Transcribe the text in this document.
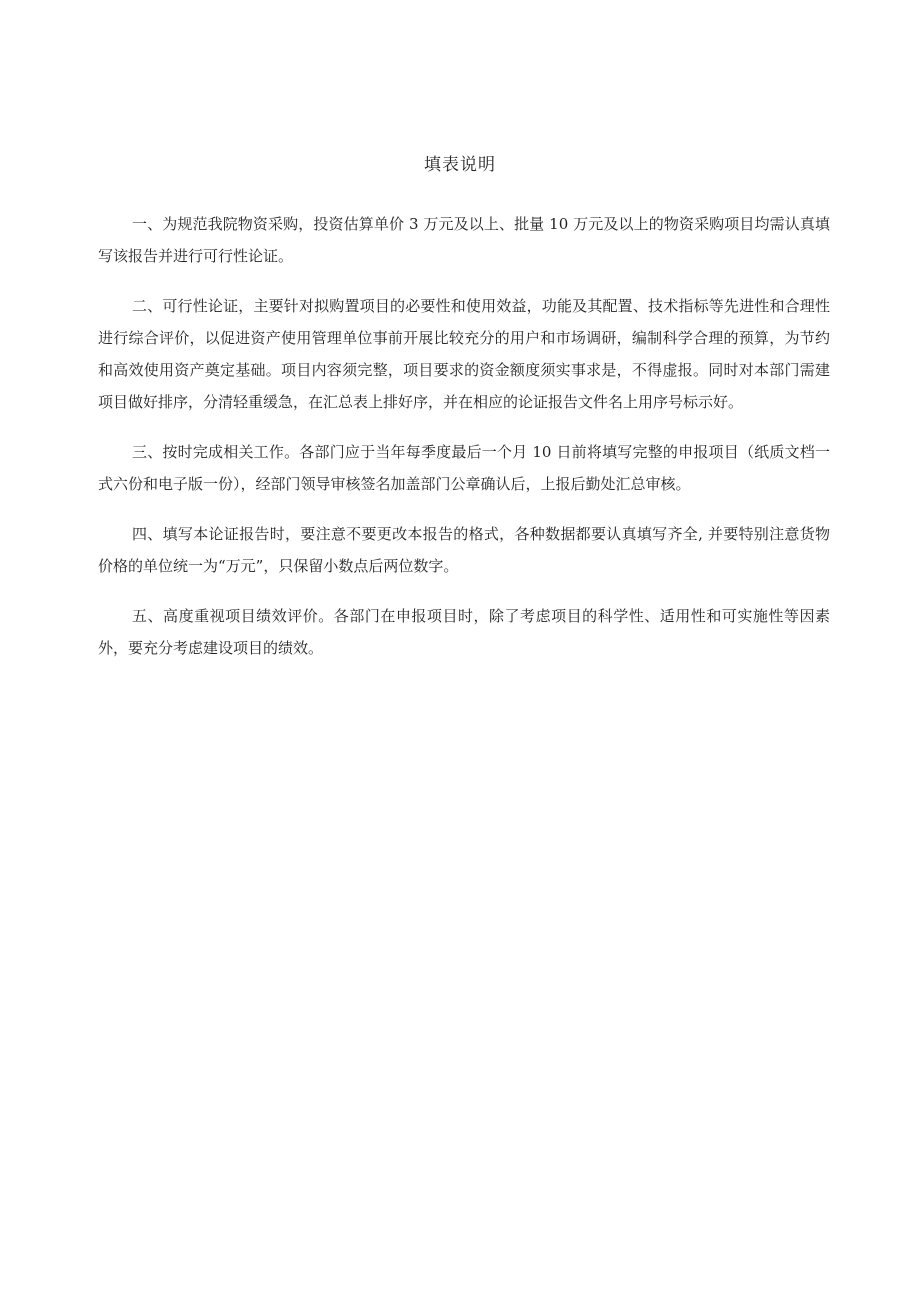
填表说明

一、为规范我院物资采购，投资估算单价 3 万元及以上、批量 10 万元及以上的物资采购项目均需认真填写该报告并进行可行性论证。

二、可行性论证，主要针对拟购置项目的必要性和使用效益，功能及其配置、技术指标等先进性和合理性进行综合评价，以促进资产使用管理单位事前开展比较充分的用户和市场调研，编制科学合理的预算，为节约和高效使用资产奠定基础。项目内容须完整，项目要求的资金额度须实事求是，不得虚报。同时对本部门需建项目做好排序，分清轻重缓急，在汇总表上排好序，并在相应的论证报告文件名上用序号标示好。

三、按时完成相关工作。各部门应于当年每季度最后一个月 10 日前将填写完整的申报项目（纸质文档一式六份和电子版一份），经部门领导审核签名加盖部门公章确认后，上报后勤处汇总审核。

四、填写本论证报告时，要注意不要更改本报告的格式，各种数据都要认真填写齐全, 并要特别注意货物价格的单位统一为“万元”，只保留小数点后两位数字。

五、高度重视项目绩效评价。各部门在申报项目时，除了考虑项目的科学性、适用性和可实施性等因素外，要充分考虑建设项目的绩效。
